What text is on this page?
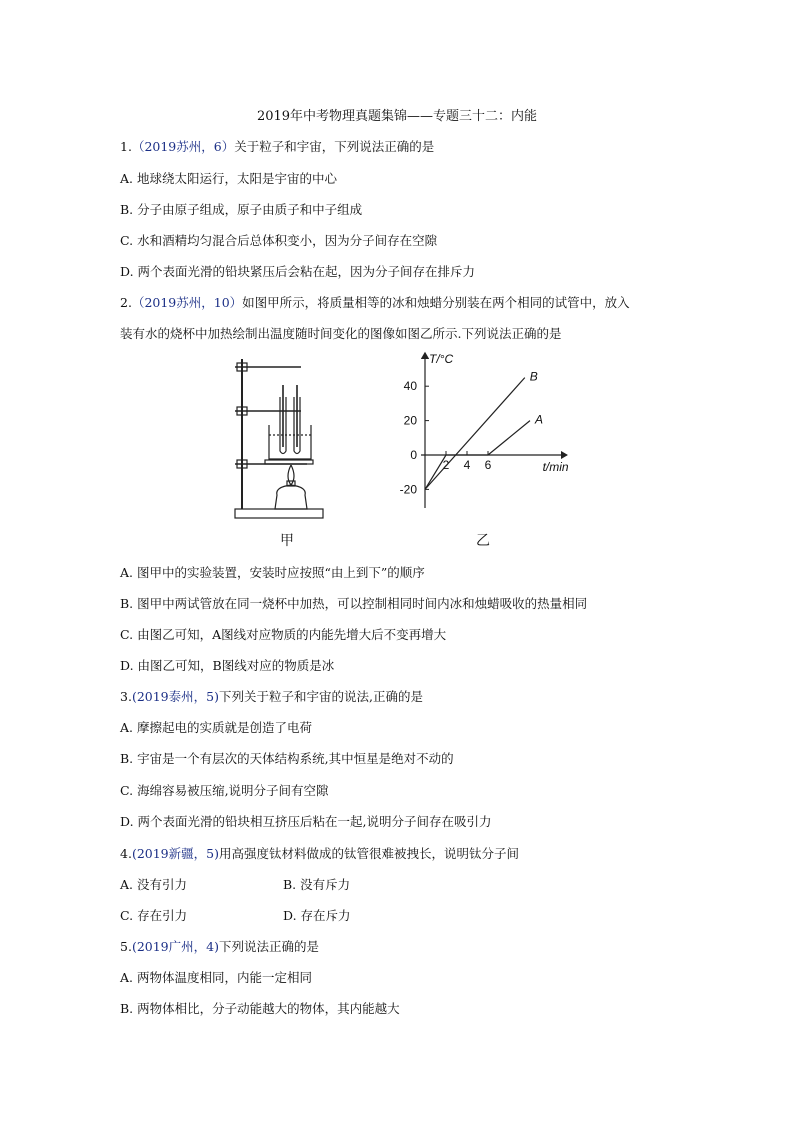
2019年中考物理真题集锦——专题三十二：内能
1.（2019苏州，6）关于粒子和宇宙，下列说法正确的是
A. 地球绕太阳运行，太阳是宇宙的中心
B. 分子由原子组成，原子由质子和中子组成
C. 水和酒精均匀混合后总体积变小，因为分子间存在空隙
D. 两个表面光滑的铅块紧压后会粘在起，因为分子间存在排斥力
2.（2019苏州，10）如图甲所示，将质量相等的冰和烛蜡分别装在两个相同的试管中，放入
装有水的烧杯中加热绘制出温度随时间变化的图像如图乙所示.下列说法正确的是
甲
T/°C
t/min
40
20
0
-20
2 4 6
A
B
乙
A. 图甲中的实验装置，安装时应按照“由上到下”的顺序
B. 图甲中两试管放在同一烧杯中加热，可以控制相同时间内冰和烛蜡吸收的热量相同
C. 由图乙可知，A图线对应物质的内能先增大后不变再增大
D. 由图乙可知，B图线对应的物质是冰
3.(2019泰州，5)下列关于粒子和宇宙的说法,正确的是
A. 摩擦起电的实质就是创造了电荷
B. 宇宙是一个有层次的天体结构系统,其中恒星是绝对不动的
C. 海绵容易被压缩,说明分子间有空隙
D. 两个表面光滑的铅块相互挤压后粘在一起,说明分子间存在吸引力
4.(2019新疆，5)用高强度钛材料做成的钛管很难被拽长，说明钛分子间
A. 没有引力	B. 没有斥力
C. 存在引力	D. 存在斥力
5.(2019广州，4)下列说法正确的是
A. 两物体温度相同，内能一定相同
B. 两物体相比，分子动能越大的物体，其内能越大
